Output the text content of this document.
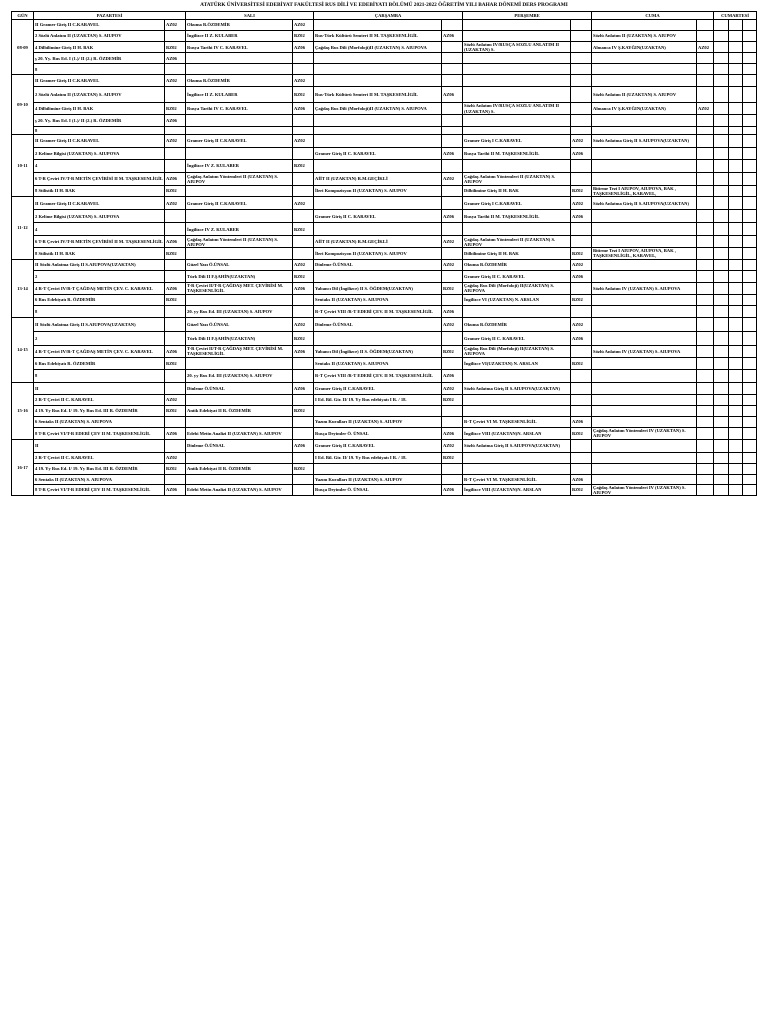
ATATÜRK ÜNİVERSİTESİ EDEBİYAT FAKÜLTESİ RUS DİLİ VE EDEBİYATI BÖLÜMÜ 2021-2022 ÖĞRETİM YILI BAHAR DÖNEMİ DERS PROGRAMI
GÜN	PAZARTESİ		SALI		ÇARŞAMBA		PERŞEMBE		CUMA		CUMARTESİ		
08-09	II Gramer Giriş II C.KARAVEL	AZ02	Okuma R.ÖZDEMİR	AZ02									
	2 Sözlü Anlatım II (UZAKTAN) S. AIUPOV		İngilizce II Z. KULABER	BZ02	Rus-Türk Kültürü Semteri II M. TAŞKESENLİGİL	AZ06			Sözlü Anlatım II (UZAKTAN) S. AIUPOV				
	4 Dilbilimine Giriş II H. BAK	BZ02	Rusya Tarihi IV C. KARAVEL	AZ06	Çağdaş Rus Dili (Morfoloji)II (UZAKTAN) S. AIUPOVA		Sözlü Anlatım IV/RUSÇA SOZLU ANLATIM II (UZAKTAN) S.		Almanca IV Ş.KAYĞIN(UZAKTAN)	AZ02			
	ş 20. Yy. Rus Ed. I (1.)/ II (2.) R. ÖZDEMİR	AZ06											
	8												
09-10	II Gramer Giriş II C.KARAVEL	AZ02	Okuma R.ÖZDEMİR	AZ02									
	2 Sözlü Anlatım II (UZAKTAN) S. AIUPOV		İngilizce II Z. KULABER	BZ02	Rus-Türk Kültürü Semteri II M. TAŞKESENLİGİL	AZ06			Sözlü Anlatım II (UZAKTAN) S. AIUPOV				
	4 Dilbilimine Giriş II H. BAK	BZ02	Rusya Tarihi IV C. KARAVEL	AZ06	Çağdaş Rus Dili (Morfoloji)II (UZAKTAN) S. AIUPOVA		Sözlü Anlatım IV/RUSÇA SOZLU ANLATIM II (UZAKTAN) S.		Almanca IV Ş.KAYĞIN(UZAKTAN)	AZ02			
	ş 20. Yy. Rus Ed. I (1.)/ II (2.) R. ÖZDEMİR	AZ06											
	8												
10-11	II Gramer Giriş II C.KARAVEL	AZ02	Gramer Giriş II C.KARAVEL	AZ02			Gramer Giriş I C.KARAVEL	AZ02	Sözlü Anlatma Giriş II S.AIUPOVA(UZAKTAN)				
	2 Kelime Bilgisi (UZAKTAN) S. AIUPOVA				Gramer Giriş II C. KARAVEL	AZ06	Rusya Tarihi II M. TAŞKESENLİGİL	AZ06					
	4		İngilizce IV Z. KULABER	BZ02									
	6 T-R Çeviri IV/T-R METİN ÇEVİRİSİ II M. TAŞKESENLİGİL	AZ06	Çağdaş Anlatım Yöntemleri II (UZAKTAN) S. AIUPOV		AİİT II (UZAKTAN) R.M.GEÇİKLİ	AZ02	Çağdaş Anlatım Yöntemleri II (UZAKTAN) S. AIUPOV						
	8 Stilistik II H. BAK	BZ02			İleri Kompozisyon II (UZAKTAN) S. AIUPOV		Dilbilimine Giriş II H. BAK	BZ02	Bitirme Tezi I AIUPOV, AIUPOVA, BAK , TAŞKESENLİGİL, KARAVEL,				
11-12	II Gramer Giriş II C.KARAVEL	AZ02	Gramer Giriş II C.KARAVEL	AZ02			Gramer Giriş I C.KARAVEL	AZ02	Sözlü Anlatma Giriş II S.AIUPOVA(UZAKTAN)				
	2 Kelime Bilgisi (UZAKTAN) S. AIUPOVA				Gramer Giriş II C. KARAVEL	AZ06	Rusya Tarihi II M. TAŞKESENLİGİL	AZ06					
	4		İngilizce IV Z. KULABER	BZ02									
	6 T-R Çeviri IV/T-R METİN ÇEVİRİSİ II M. TAŞKESENLİGİL	AZ06	Çağdaş Anlatım Yöntemleri II (UZAKTAN) S. AIUPOV		AİİT II (UZAKTAN) R.M.GEÇİKLİ	AZ02	Çağdaş Anlatım Yöntemleri II (UZAKTAN) S. AIUPOV						
	8 Stilistik II H. BAK	BZ02			İleri Kompozisyon II (UZAKTAN) S. AIUPOV		Dilbilimine Giriş II H. BAK	BZ02	Bitirme Tezi I AIUPOV, AIUPOVA, BAK , TAŞKESENLİGİL, KARAVEL,				
13-14	II Sözlü Anlatma Giriş II S.AIUPOVA(UZAKTAN)		Güzel Yazı Ö.ÜNSAL	AZ02	Dinleme Ö.ÜNSAL	AZ02	Okuma R.ÖZDEMİR	AZ02					
	2		Türk Dili II F.ŞAHİN(UZAKTAN)	BZ02			Gramer Giriş II C. KARAVEL	AZ06					
	4 R-T Çeviri IV/R-T ÇAĞDAŞ METİN ÇEV. C. KARAVEL	AZ06	T-R Çeviri II/T-R ÇAĞDAŞ MET. ÇEVİRİSİ M. TAŞKESENLİGİL	AZ06	Yabancı Dil (İngilizce) II S. ÖĞDEM(UZAKTAN)	BZ02	Çağdaş Rus Dili (Morfoloji) II(UZAKTAN) S. AIUPOVA		Sözlü Anlatım IV (UZAKTAN) S. AIUPOVA				
	6 Rus Edebiyatı R. ÖZDEMİR	BZ02			Sentaks II (UZAKTAN) S. AIUPOVA		İngilizce VI (UZAKTAN) N. ARSLAN	BZ02					
	8		20. yy Rus Ed. III (UZAKTAN) S. AIUPOV		R-T Çeviri VIII /R-T EDEBİ ÇEV. II M. TAŞKESENLİGİL	AZ06							
14-15	II Sözlü Anlatma Giriş II S.AIUPOVA(UZAKTAN)		Güzel Yazı Ö.ÜNSAL	AZ02	Dinleme Ö.ÜNSAL	AZ02	Okuma R.ÖZDEMİR	AZ02					
	2		Türk Dili II F.ŞAHİN(UZAKTAN)	BZ02			Gramer Giriş II C. KARAVEL	AZ06					
	4 R-T Çeviri IV/R-T ÇAĞDAŞ METİN ÇEV. C. KARAVEL	AZ06	T-R Çeviri II/T-R ÇAĞDAŞ MET. ÇEVİRİSİ M. TAŞKESENLİGİL	AZ06	Yabancı Dil (İngilizce) II S. ÖĞDEM(UZAKTAN)	BZ02	Çağdaş Rus Dili (Morfoloji) II(UZAKTAN) S. AIUPOVA		Sözlü Anlatım IV (UZAKTAN) S. AIUPOVA				
	6 Rus Edebiyatı R. ÖZDEMİR	BZ02			Sentaks II (UZAKTAN) S. AIUPOVA		İngilizce VI(UZAKTAN) N. ARSLAN	BZ02					
	8		20. yy Rus Ed. III (UZAKTAN) S. AIUPOV		R-T Çeviri VIII /R-T EDEBİ ÇEV. II M. TAŞKESENLİGİL	AZ06							
15-16	II		Dinleme Ö.ÜNSAL	AZ06	Gramer Giriş II C.KARAVEL	AZ02	Sözlü Anlatma Giriş II S.AIUPOVA(UZAKTAN)						
	2 R-T Çeviri II C. KARAVEL	AZ02			I Ed. Bil. Gir. II/ 19. Yy Rus edebiyatı I R. / 18.	BZ02							
	4 19. Yy Rus Ed. I/ 19. Yy Rus Ed. III R. ÖZDEMİR	BZ02	Antik Edebiyat II R. ÖZDEMİR	BZ02									
	6 Sentaks II (UZAKTAN) S. AIUPOVA				Yazım Kuralları II (UZAKTAN) S. AIUPOV		R-T Çeviri VI M. TAŞKESENLİGİL	AZ06					
	8 T-R Çeviri VI/T-R EDEBİ ÇEV II M. TAŞKESENLİGİL	AZ06	Edebi Metin Analizi II (UZAKTAN) S. AIUPOV		Rusça Deyimler Ö. ÜNSAL	AZ06	İngilizce VIII (UZAKTAN)N. ARSLAN	BZ02	Çağdaş Anlatım Yöntemleri IV (UZAKTAN) S. AIUPOV				
16-17	II		Dinleme Ö.ÜNSAL	AZ06	Gramer Giriş II C.KARAVEL	AZ02	Sözlü Anlatma Giriş II S.AIUPOVA(UZAKTAN)						
	2 R-T Çeviri II C. KARAVEL	AZ02			I Ed. Bil. Gir. II/ 19. Yy Rus edebiyatı I R. / 18.	BZ02							
	4 19. Yy Rus Ed. I/ 19. Yy Rus Ed. III R. ÖZDEMİR	BZ02	Antik Edebiyat II R. ÖZDEMİR	BZ02									
	6 Sentaks II (UZAKTAN) S. AIUPOVA				Yazım Kuralları II (UZAKTAN) S. AIUPOV		R-T Çeviri VI M. TAŞKESENLİGİL	AZ06					
	8 T-R Çeviri VI/T-R EDEBİ ÇEV II M. TAŞKESENLİGİL	AZ06	Edebi Metin Analizi II (UZAKTAN) S. AIUPOV		Rusça Deyimler Ö. ÜNSAL	AZ06	İngilizce VIII (UZAKTAN)N. ARSLAN	BZ02	Çağdaş Anlatım Yöntemleri IV (UZAKTAN) S. AIUPOV				
